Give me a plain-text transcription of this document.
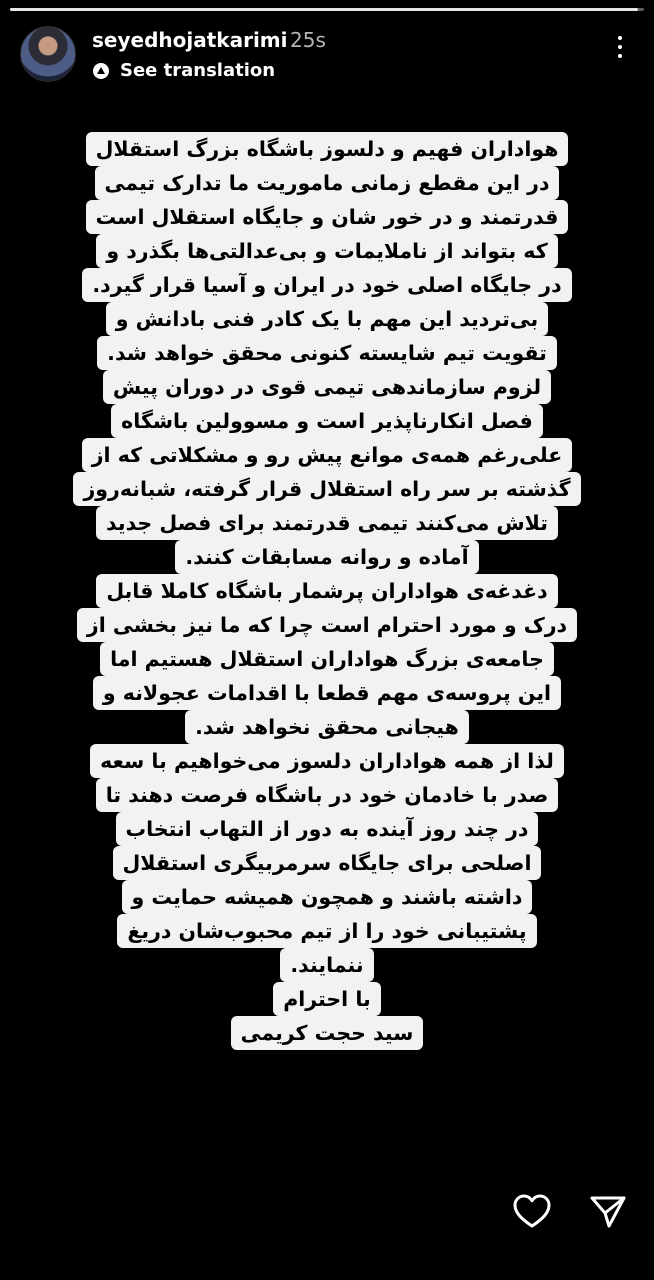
seyedhojatkarimi 25s
See translation
هواداران فهیم و دلسوز باشگاه بزرگ استقلال
در این مقطع زمانی ماموریت ما تدارک تیمی
قدرتمند و در خور شان و جایگاه استقلال است
که بتواند از ناملایمات و بی‌عدالتی‌ها بگذرد و
در جایگاه اصلی خود در ایران و آسیا قرار گیرد.
بی‌تردید این مهم با یک کادر فنی بادانش و
تقویت تیم شایسته کنونی محقق خواهد شد.
لزوم سازماندهی تیمی قوی در دوران پیش
فصل انکارناپذیر است و مسوولین باشگاه
علی‌رغم همه‌ی موانع پیش رو و مشکلاتی که از
گذشته بر سر راه استقلال قرار گرفته، شبانه‌روز
تلاش می‌کنند تیمی قدرتمند برای فصل جدید
آماده و روانه مسابقات کنند.
دغدغه‌ی هواداران پرشمار باشگاه کاملا قابل
درک و مورد احترام است چرا که ما نیز بخشی از
جامعه‌ی بزرگ هواداران استقلال هستیم اما
این پروسه‌ی مهم قطعا با اقدامات عجولانه و
هیجانی محقق نخواهد شد.
لذا از همه هواداران دلسوز می‌خواهیم با سعه
صدر با خادمان خود در باشگاه فرصت دهند تا
در چند روز آینده به دور از التهاب انتخاب
اصلحی برای جایگاه سرمربیگری استقلال
داشته باشند و همچون همیشه حمایت و
پشتیبانی خود را از تیم محبوب‌شان دریغ
ننمایند.
با احترام
سید حجت کریمی
